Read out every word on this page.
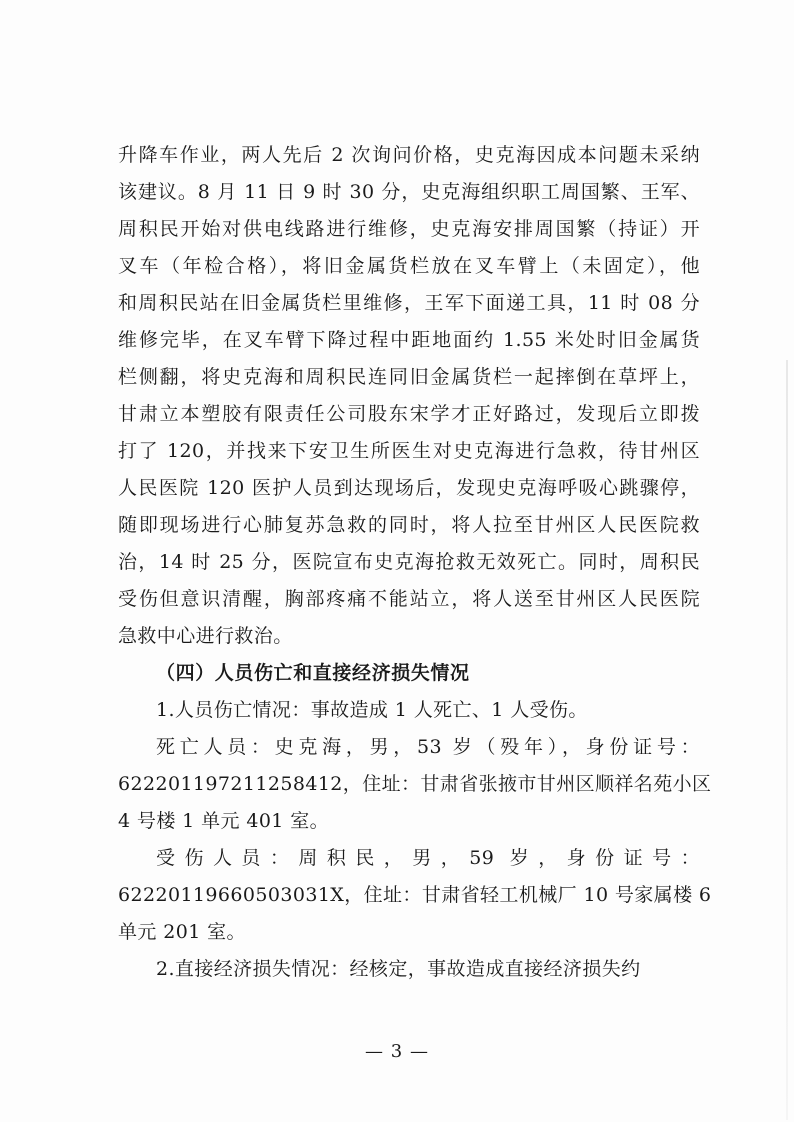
升降车作业，两人先后 2 次询问价格，史克海因成本问题未采纳
该建议。8 月 11 日 9 时 30 分，史克海组织职工周国繁、王军、
周积民开始对供电线路进行维修，史克海安排周国繁（持证）开
叉车（年检合格），将旧金属货栏放在叉车臂上（未固定），他
和周积民站在旧金属货栏里维修，王军下面递工具，11 时 08 分
维修完毕，在叉车臂下降过程中距地面约 1.55 米处时旧金属货
栏侧翻，将史克海和周积民连同旧金属货栏一起摔倒在草坪上，
甘肃立本塑胶有限责任公司股东宋学才正好路过，发现后立即拨
打了 120，并找来下安卫生所医生对史克海进行急救，待甘州区
人民医院 120 医护人员到达现场后，发现史克海呼吸心跳骤停，
随即现场进行心肺复苏急救的同时，将人拉至甘州区人民医院救
治，14 时 25 分，医院宣布史克海抢救无效死亡。同时，周积民
受伤但意识清醒，胸部疼痛不能站立，将人送至甘州区人民医院
急救中心进行救治。

（四）人员伤亡和直接经济损失情况

1.人员伤亡情况：事故造成 1 人死亡、1 人受伤。

死亡人员：史克海，男，53 岁（殁年），身份证号：
622201197211258412，住址：甘肃省张掖市甘州区顺祥名苑小区
4 号楼 1 单元 401 室。

受伤人员：周积民，男，59 岁，身份证号：
62220119660503031X，住址：甘肃省轻工机械厂 10 号家属楼 6
单元 201 室。

2.直接经济损失情况：经核定，事故造成直接经济损失约

— 3 —
